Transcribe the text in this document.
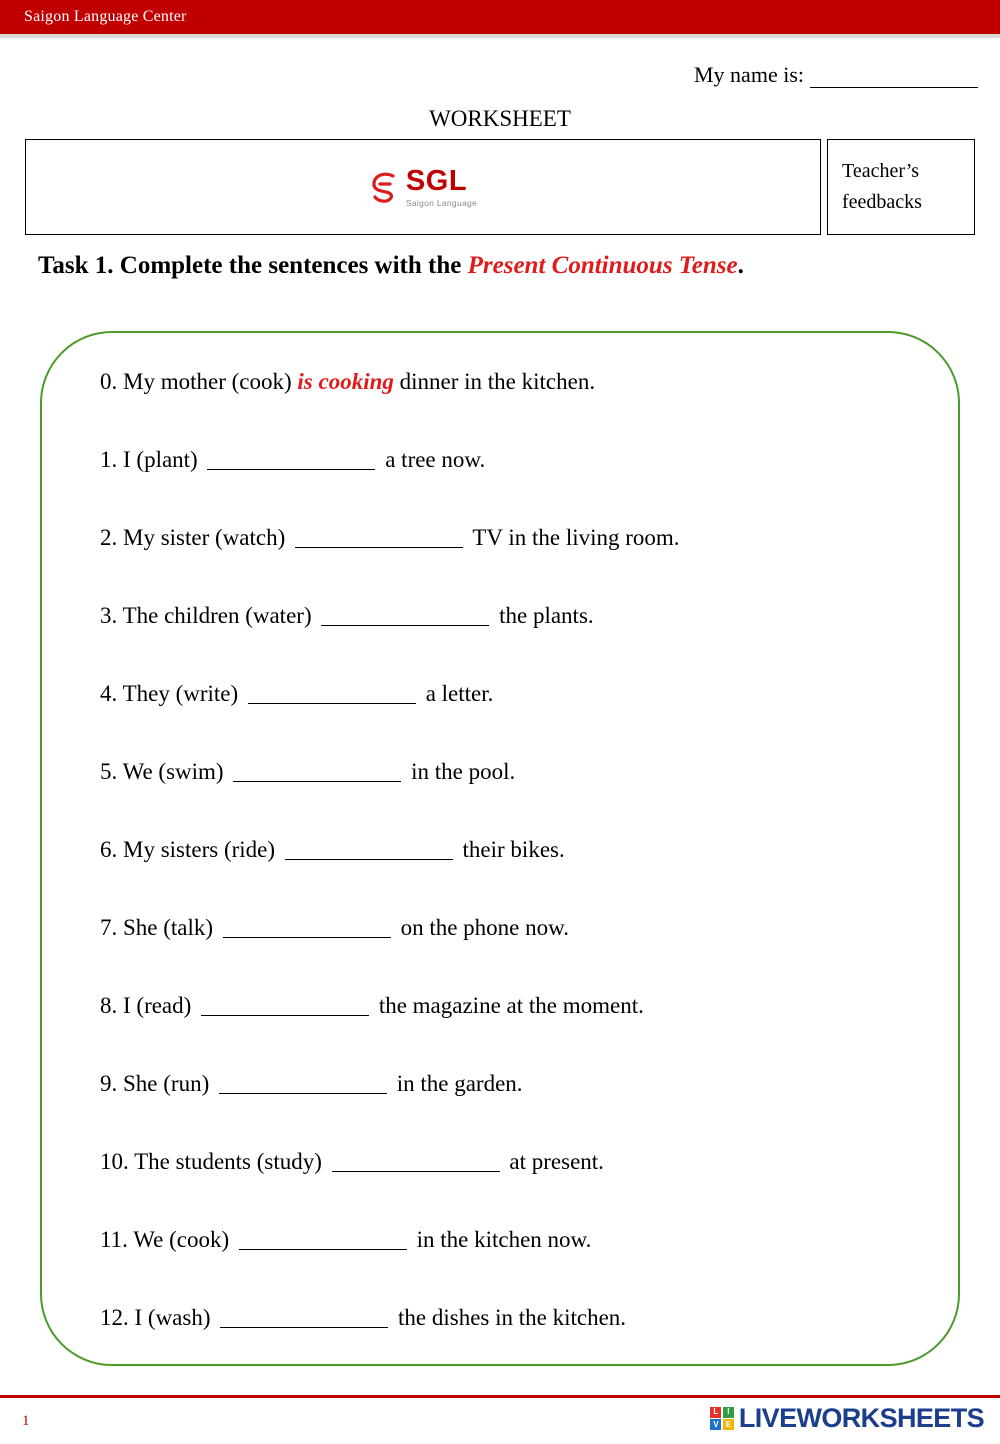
Saigon Language Center
My name is:
WORKSHEET
SGL
Saigon Language
Teacher’s
feedbacks
Task 1. Complete the sentences with the Present Continuous Tense.
0. My mother (cook) is cooking dinner in the kitchen.
1. I (plant)	a tree now.
2. My sister (watch)	TV in the living room.
3. The children (water)	the plants.
4. They (write)	a letter.
5. We (swim)	in the pool.
6. My sisters (ride)	their bikes.
7. She (talk)	on the phone now.
8. I (read)	the magazine at the moment.
9. She (run)	in the garden.
10. The students (study)	at present.
11. We (cook)	in the kitchen now.
12. I (wash)	the dishes in the kitchen.
1
L	I
V E LIVEWORKSHEETS
